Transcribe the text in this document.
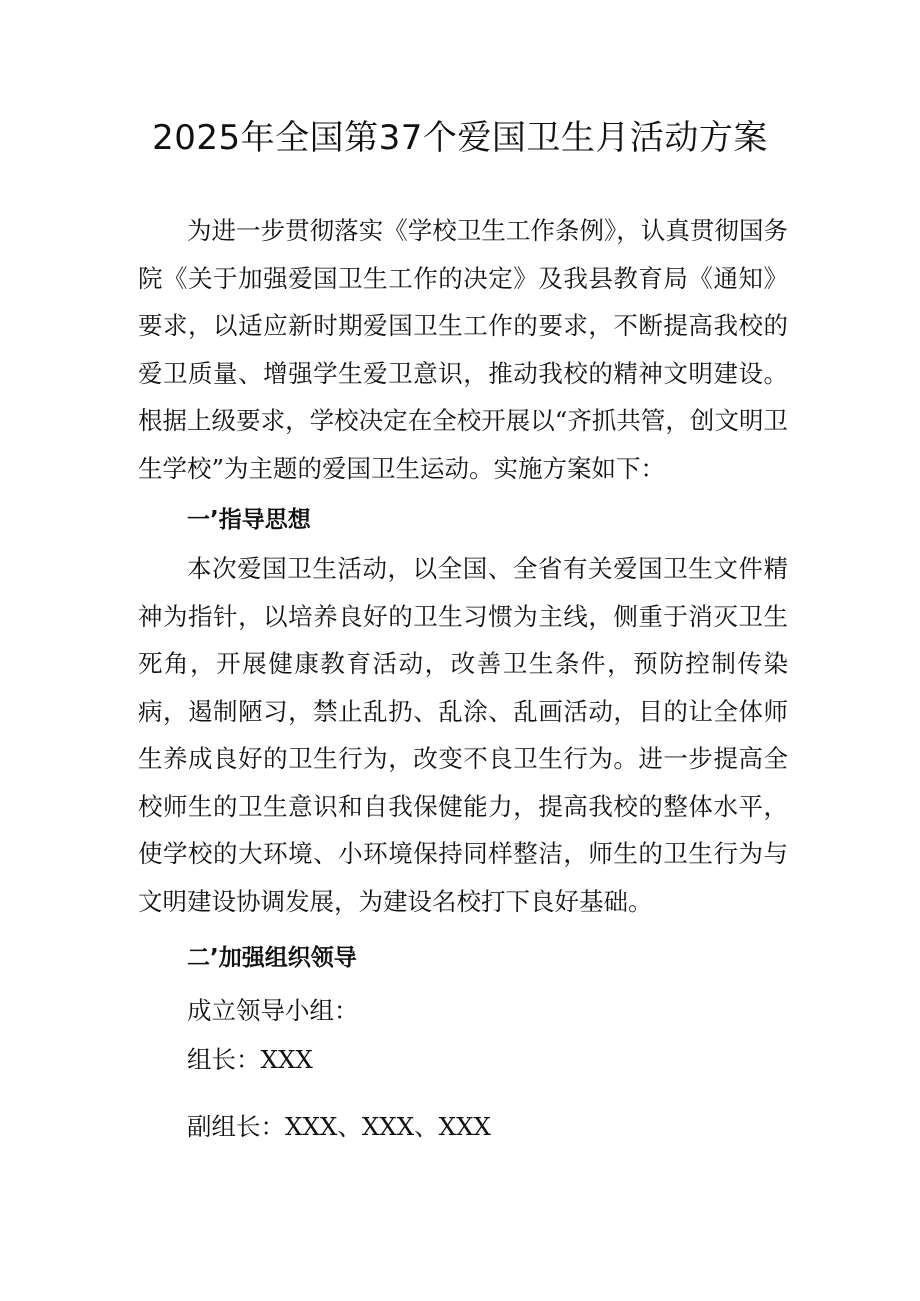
2025年全国第37个爱国卫生月活动方案

为进一步贯彻落实《学校卫生工作条例》，认真贯彻国务院《关于加强爱国卫生工作的决定》及我县教育局《通知》要求，以适应新时期爱国卫生工作的要求，不断提高我校的爱卫质量、增强学生爱卫意识，推动我校的精神文明建设。根据上级要求，学校决定在全校开展以“齐抓共管，创文明卫生学校”为主题的爱国卫生运动。实施方案如下：

一’指导思想

本次爱国卫生活动，以全国、全省有关爱国卫生文件精神为指针，以培养良好的卫生习惯为主线，侧重于消灭卫生死角，开展健康教育活动，改善卫生条件，预防控制传染病，遏制陋习，禁止乱扔、乱涂、乱画活动，目的让全体师生养成良好的卫生行为，改变不良卫生行为。进一步提高全校师生的卫生意识和自我保健能力，提高我校的整体水平，使学校的大环境、小环境保持同样整洁，师生的卫生行为与文明建设协调发展，为建设名校打下良好基础。

二’加强组织领导

成立领导小组：

组长：XXX

副组长：XXX、XXX、XXX
